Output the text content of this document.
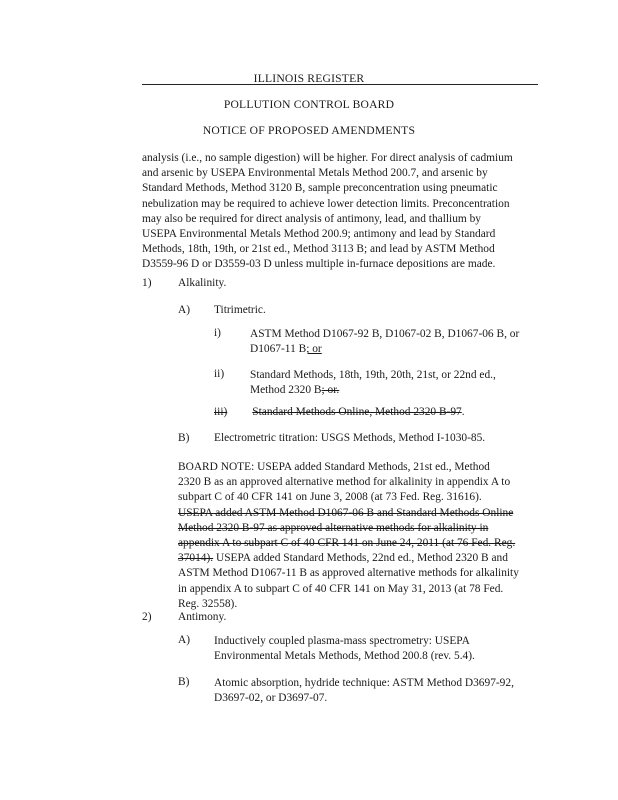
ILLINOIS REGISTER
POLLUTION CONTROL BOARD
NOTICE OF PROPOSED AMENDMENTS
analysis (i.e., no sample digestion) will be higher. For direct analysis of cadmium
and arsenic by USEPA Environmental Metals Method 200.7, and arsenic by
Standard Methods, Method 3120 B, sample preconcentration using pneumatic
nebulization may be required to achieve lower detection limits. Preconcentration
may also be required for direct analysis of antimony, lead, and thallium by
USEPA Environmental Metals Method 200.9; antimony and lead by Standard
Methods, 18th, 19th, or 21st ed., Method 3113 B; and lead by ASTM Method
D3559-96 D or D3559-03 D unless multiple in-furnace depositions are made.
1) Alkalinity.
A) Titrimetric.
i)	ASTM Method D1067-92 B, D1067-02 B, D1067-06 B, or
D1067-11 B; or
ii) Standard Methods, 18th, 19th, 20th, 21st, or 22nd ed.,
Method 2320 B; or.
iii) Standard Methods Online, Method 2320 B-97.
B) Electrometric titration: USGS Methods, Method I-1030-85.
BOARD NOTE: USEPA added Standard Methods, 21st ed., Method
2320 B as an approved alternative method for alkalinity in appendix A to
subpart C of 40 CFR 141 on June 3, 2008 (at 73 Fed. Reg. 31616).
USEPA added ASTM Method D1067-06 B and Standard Methods Online
Method 2320 B-97 as approved alternative methods for alkalinity in
appendix A to subpart C of 40 CFR 141 on June 24, 2011 (at 76 Fed. Reg.
37014). USEPA added Standard Methods, 22nd ed., Method 2320 B and
ASTM Method D1067-11 B as approved alternative methods for alkalinity
in appendix A to subpart C of 40 CFR 141 on May 31, 2013 (at 78 Fed.
Reg. 32558).
2) Antimony.
A) Inductively coupled plasma-mass spectrometry: USEPA
Environmental Metals Methods, Method 200.8 (rev. 5.4).
B) Atomic absorption, hydride technique: ASTM Method D3697-92,
D3697-02, or D3697-07.
